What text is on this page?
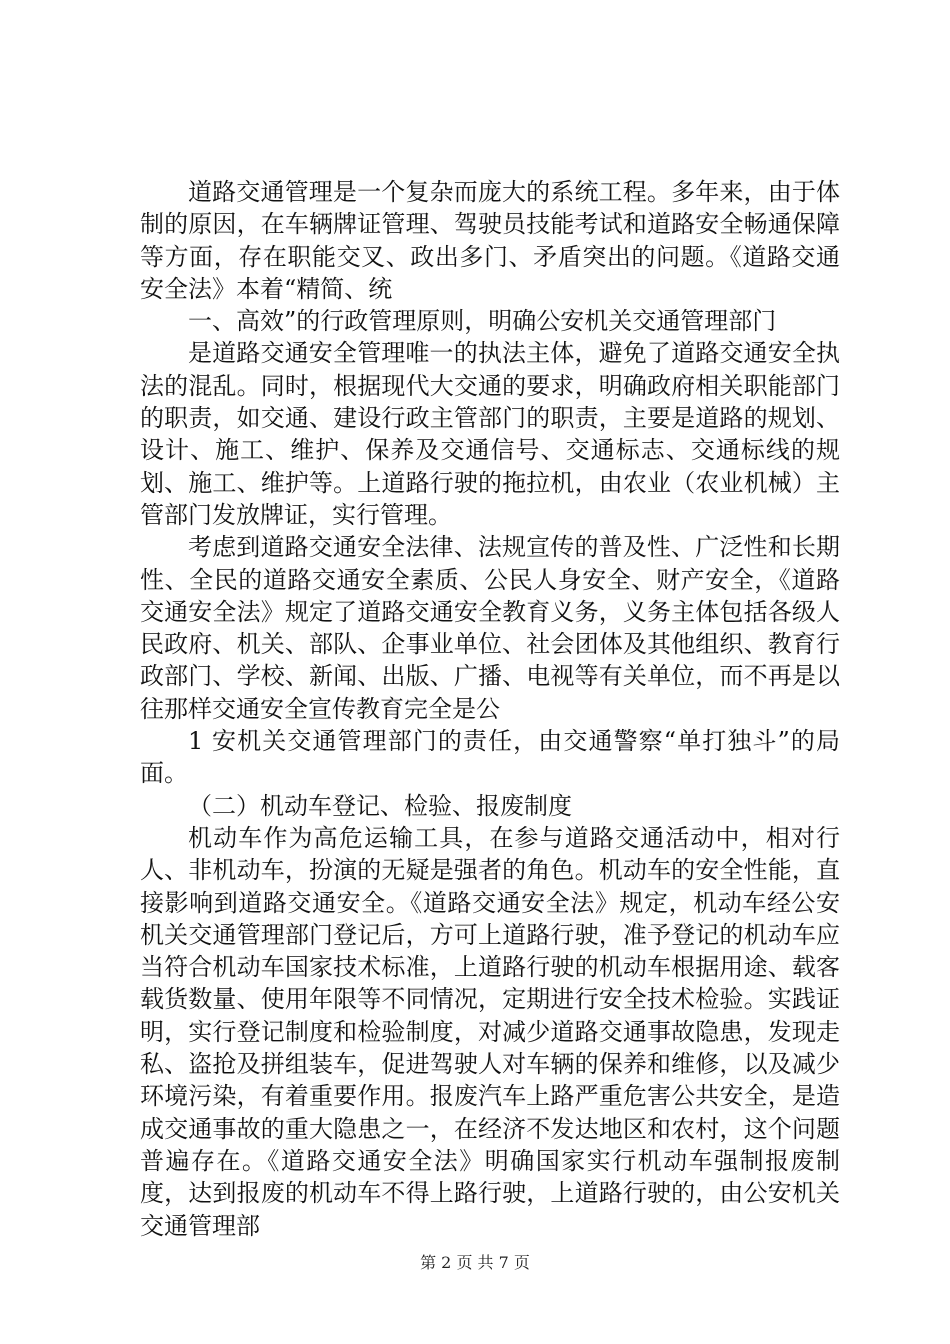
道路交通管理是一个复杂而庞大的系统工程。多年来，由于体制的原因，在车辆牌证管理、驾驶员技能考试和道路安全畅通保障等方面，存在职能交叉、政出多门、矛盾突出的问题。《道路交通安全法》本着“精简、统

一、高效”的行政管理原则，明确公安机关交通管理部门

是道路交通安全管理唯一的执法主体，避免了道路交通安全执法的混乱。同时，根据现代大交通的要求，明确政府相关职能部门的职责，如交通、建设行政主管部门的职责，主要是道路的规划、设计、施工、维护、保养及交通信号、交通标志、交通标线的规划、施工、维护等。上道路行驶的拖拉机，由农业（农业机械）主管部门发放牌证，实行管理。

考虑到道路交通安全法律、法规宣传的普及性、广泛性和长期性、全民的道路交通安全素质、公民人身安全、财产安全，《道路交通安全法》规定了道路交通安全教育义务，义务主体包括各级人民政府、机关、部队、企事业单位、社会团体及其他组织、教育行政部门、学校、新闻、出版、广播、电视等有关单位，而不再是以往那样交通安全宣传教育完全是公

1 安机关交通管理部门的责任，由交通警察“单打独斗”的局面。

（二）机动车登记、检验、报废制度

机动车作为高危运输工具，在参与道路交通活动中，相对行人、非机动车，扮演的无疑是强者的角色。机动车的安全性能，直接影响到道路交通安全。《道路交通安全法》规定，机动车经公安机关交通管理部门登记后，方可上道路行驶，准予登记的机动车应当符合机动车国家技术标准，上道路行驶的机动车根据用途、载客载货数量、使用年限等不同情况，定期进行安全技术检验。实践证明，实行登记制度和检验制度，对减少道路交通事故隐患，发现走私、盗抢及拼组装车，促进驾驶人对车辆的保养和维修，以及减少环境污染，有着重要作用。报废汽车上路严重危害公共安全，是造成交通事故的重大隐患之一，在经济不发达地区和农村，这个问题普遍存在。《道路交通安全法》明确国家实行机动车强制报废制度，达到报废的机动车不得上路行驶，上道路行驶的，由公安机关交通管理部

第 2 页 共 7 页
